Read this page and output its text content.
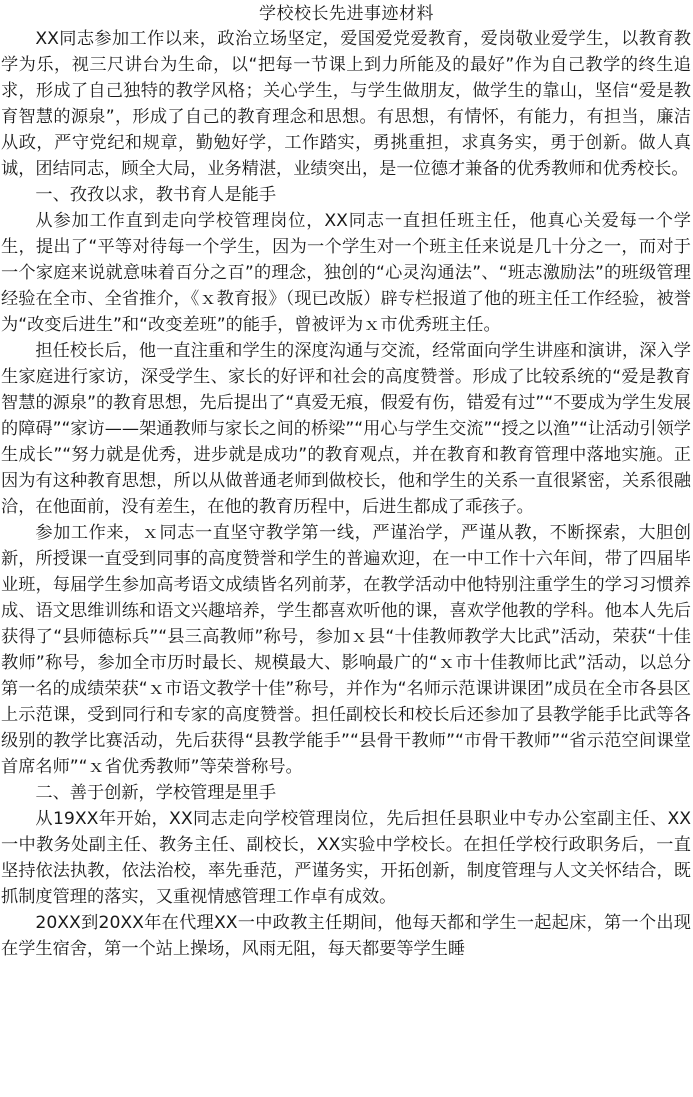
学校校长先进事迹材料

XX同志参加工作以来，政治立场坚定，爱国爱党爱教育，爱岗敬业爱学生，以教育教学为乐，视三尺讲台为生命，以“把每一节课上到力所能及的最好”作为自己教学的终生追求，形成了自己独特的教学风格；关心学生，与学生做朋友，做学生的靠山，坚信“爱是教育智慧的源泉”，形成了自己的教育理念和思想。有思想，有情怀，有能力，有担当，廉洁从政，严守党纪和规章，勤勉好学，工作踏实，勇挑重担，求真务实，勇于创新。做人真诚，团结同志，顾全大局，业务精湛，业绩突出，是一位德才兼备的优秀教师和优秀校长。

一、孜孜以求，教书育人是能手

从参加工作直到走向学校管理岗位，XX同志一直担任班主任，他真心关爱每一个学生，提出了“平等对待每一个学生，因为一个学生对一个班主任来说是几十分之一，而对于一个家庭来说就意味着百分之百”的理念，独创的“心灵沟通法”、“班志激励法”的班级管理经验在全市、全省推介，《ｘ教育报》（现已改版）辟专栏报道了他的班主任工作经验，被誉为“改变后进生”和“改变差班”的能手，曾被评为ｘ市优秀班主任。

担任校长后，他一直注重和学生的深度沟通与交流，经常面向学生讲座和演讲，深入学生家庭进行家访，深受学生、家长的好评和社会的高度赞誉。形成了比较系统的“爱是教育智慧的源泉”的教育思想，先后提出了“真爱无痕，假爱有伤，错爱有过”“不要成为学生发展的障碍”“家访——架通教师与家长之间的桥梁”“用心与学生交流”“授之以渔”“让活动引领学生成长”“努力就是优秀，进步就是成功”的教育观点，并在教育和教育管理中落地实施。正因为有这种教育思想，所以从做普通老师到做校长，他和学生的关系一直很紧密，关系很融洽，在他面前，没有差生，在他的教育历程中，后进生都成了乖孩子。

参加工作来，ｘ同志一直坚守教学第一线，严谨治学，严谨从教，不断探索，大胆创新，所授课一直受到同事的高度赞誉和学生的普遍欢迎，在一中工作十六年间，带了四届毕业班，每届学生参加高考语文成绩皆名列前茅，在教学活动中他特别注重学生的学习习惯养成、语文思维训练和语文兴趣培养，学生都喜欢听他的课，喜欢学他教的学科。他本人先后获得了“县师德标兵”“县三高教师”称号，参加ｘ县“十佳教师教学大比武”活动，荣获“十佳教师”称号，参加全市历时最长、规模最大、影响最广的“ｘ市十佳教师比武”活动，以总分第一名的成绩荣获“ｘ市语文教学十佳”称号，并作为“名师示范课讲课团”成员在全市各县区上示范课，受到同行和专家的高度赞誉。担任副校长和校长后还参加了县教学能手比武等各级别的教学比赛活动，先后获得“县教学能手”“县骨干教师”“市骨干教师”“省示范空间课堂首席名师”“ｘ省优秀教师”等荣誉称号。

二、善于创新，学校管理是里手

从19XX年开始，XX同志走向学校管理岗位，先后担任县职业中专办公室副主任、XX一中教务处副主任、教务主任、副校长，XX实验中学校长。在担任学校行政职务后，一直坚持依法执教，依法治校，率先垂范，严谨务实，开拓创新，制度管理与人文关怀结合，既抓制度管理的落实，又重视情感管理工作卓有成效。

20XX到20XX年在代理XX一中政教主任期间，他每天都和学生一起起床，第一个出现在学生宿舍，第一个站上操场，风雨无阻，每天都要等学生睡
